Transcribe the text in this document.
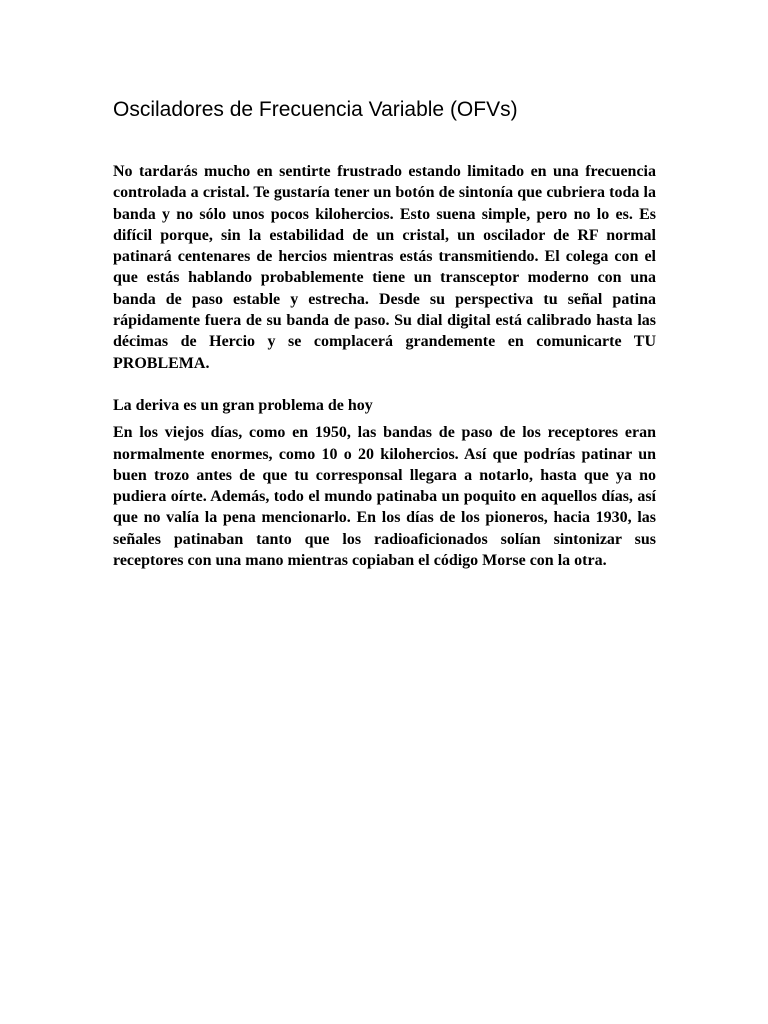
Osciladores de Frecuencia Variable (OFVs)

No tardarás mucho en sentirte frustrado estando limitado en una frecuencia controlada a cristal. Te gustaría tener un botón de sintonía que cubriera toda la banda y no sólo unos pocos kilohercios. Esto suena simple, pero no lo es. Es difícil porque, sin la estabilidad de un cristal, un oscilador de RF normal patinará centenares de hercios mientras estás transmitiendo. El colega con el que estás hablando probablemente tiene un transceptor moderno con una banda de paso estable y estrecha. Desde su perspectiva tu señal patina rápidamente fuera de su banda de paso. Su dial digital está calibrado hasta las décimas de Hercio y se complacerá grandemente en comunicarte TU PROBLEMA.

La deriva es un gran problema de hoy

En los viejos días, como en 1950, las bandas de paso de los receptores eran normalmente enormes, como 10 o 20 kilohercios. Así que podrías patinar un buen trozo antes de que tu corresponsal llegara a notarlo, hasta que ya no pudiera oírte. Además, todo el mundo patinaba un poquito en aquellos días, así que no valía la pena mencionarlo. En los días de los pioneros, hacia 1930, las señales patinaban tanto que los radioaficionados solían sintonizar sus receptores con una mano mientras copiaban el código Morse con la otra.
